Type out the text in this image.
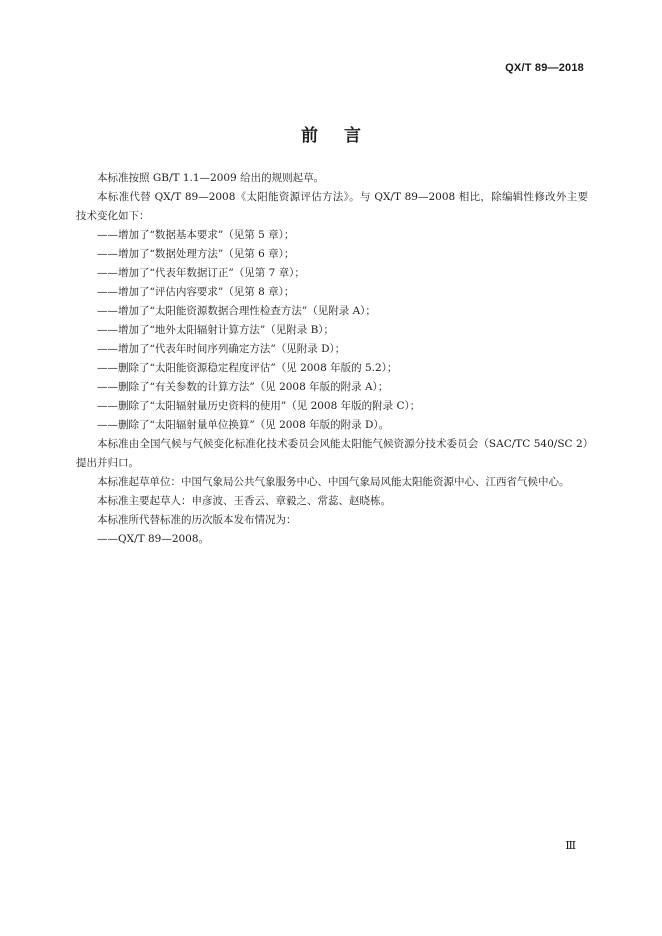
QX/T 89—2018
前言

本标准按照 GB/T 1.1—2009 给出的规则起草。

本标准代替 QX/T 89—2008《太阳能资源评估方法》。与 QX/T 89—2008 相比，除编辑性修改外主要技术变化如下：

——增加了“数据基本要求”（见第 5 章）；

——增加了“数据处理方法”（见第 6 章）；

——增加了“代表年数据订正”（见第 7 章）；

——增加了“评估内容要求”（见第 8 章）；

——增加了“太阳能资源数据合理性检查方法”（见附录 A）；

——增加了“地外太阳辐射计算方法”（见附录 B）；

——增加了“代表年时间序列确定方法”（见附录 D）；

——删除了“太阳能资源稳定程度评估”（见 2008 年版的 5.2）；

——删除了“有关参数的计算方法”（见 2008 年版的附录 A）；

——删除了“太阳辐射量历史资料的使用”（见 2008 年版的附录 C）；

——删除了“太阳辐射量单位换算”（见 2008 年版的附录 D）。

本标准由全国气候与气候变化标准化技术委员会风能太阳能气候资源分技术委员会（SAC/TC 540/SC 2）提出并归口。

本标准起草单位：中国气象局公共气象服务中心、中国气象局风能太阳能资源中心、江西省气候中心。

本标准主要起草人：申彦波、王香云、章毅之、常蕊、赵晓栋。

本标准所代替标准的历次版本发布情况为：

——QX/T 89—2008。

Ⅲ
